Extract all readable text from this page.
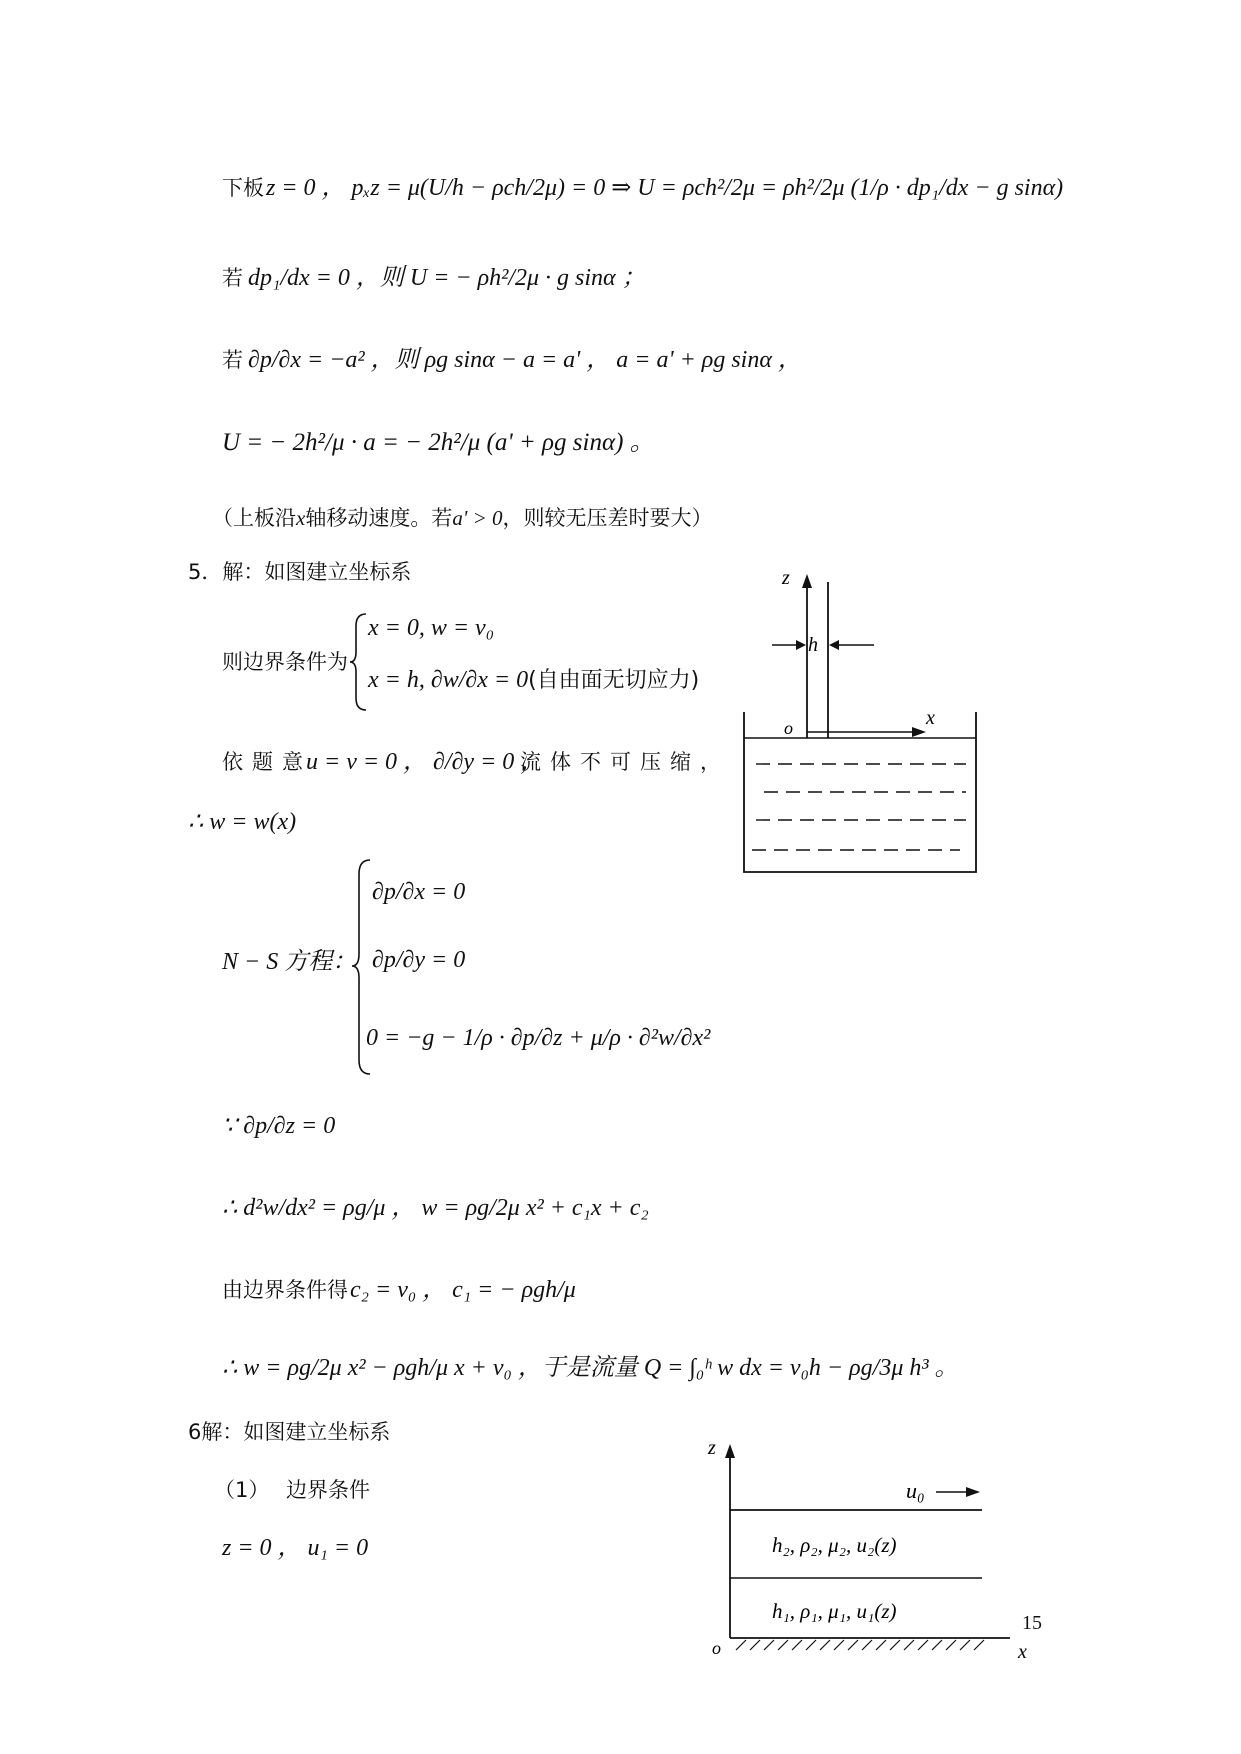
下板 z = 0 ， pₓz = μ(U/h − ρch/2μ) = 0 ⇒ U = ρch²/2μ = ρh²/2μ (1/ρ · dp₁/dx − g sinα)
若 dp₁/dx = 0 ，则 U = − ρh²/2μ · g sinα ；
若 ∂p/∂x = −a² ，则 ρg sinα − a = a' ， a = a' + ρg sinα ，
U = − 2h²/μ · a = − 2h²/μ (a' + ρg sinα) 。
（上板沿x轴移动速度。若a' > 0，则较无压差时要大）
5．解：如图建立坐标系
则边界条件为
x = 0, w = v₀
x = h, ∂w/∂x = 0(自由面无切应力)
依题意
u = v = 0 ， ∂/∂y = 0 ，
流体不可压缩，
∴ w = w(x)
N − S 方程：
∂p/∂x = 0
∂p/∂y = 0
0 = −g − 1/ρ · ∂p/∂z + μ/ρ · ∂²w/∂x²
∵ ∂p/∂z = 0
∴ d²w/dx² = ρg/μ ， w = ρg/2μ x² + c₁x + c₂
由边界条件得 c₂ = v₀ ， c₁ = − ρgh/μ
∴ w = ρg/2μ x² − ρgh/μ x + v₀ ，于是流量 Q = ∫₀ʰ w dx = v₀h − ρg/3μ h³ 。
z
h
o	x
6解：如图建立坐标系
（1） 边界条件
z = 0 ， u₁ = 0
z
u₀
h₂, ρ₂, μ₂, u₂(z)
h₁, ρ₁, μ₁, u₁(z)
o	x
15
